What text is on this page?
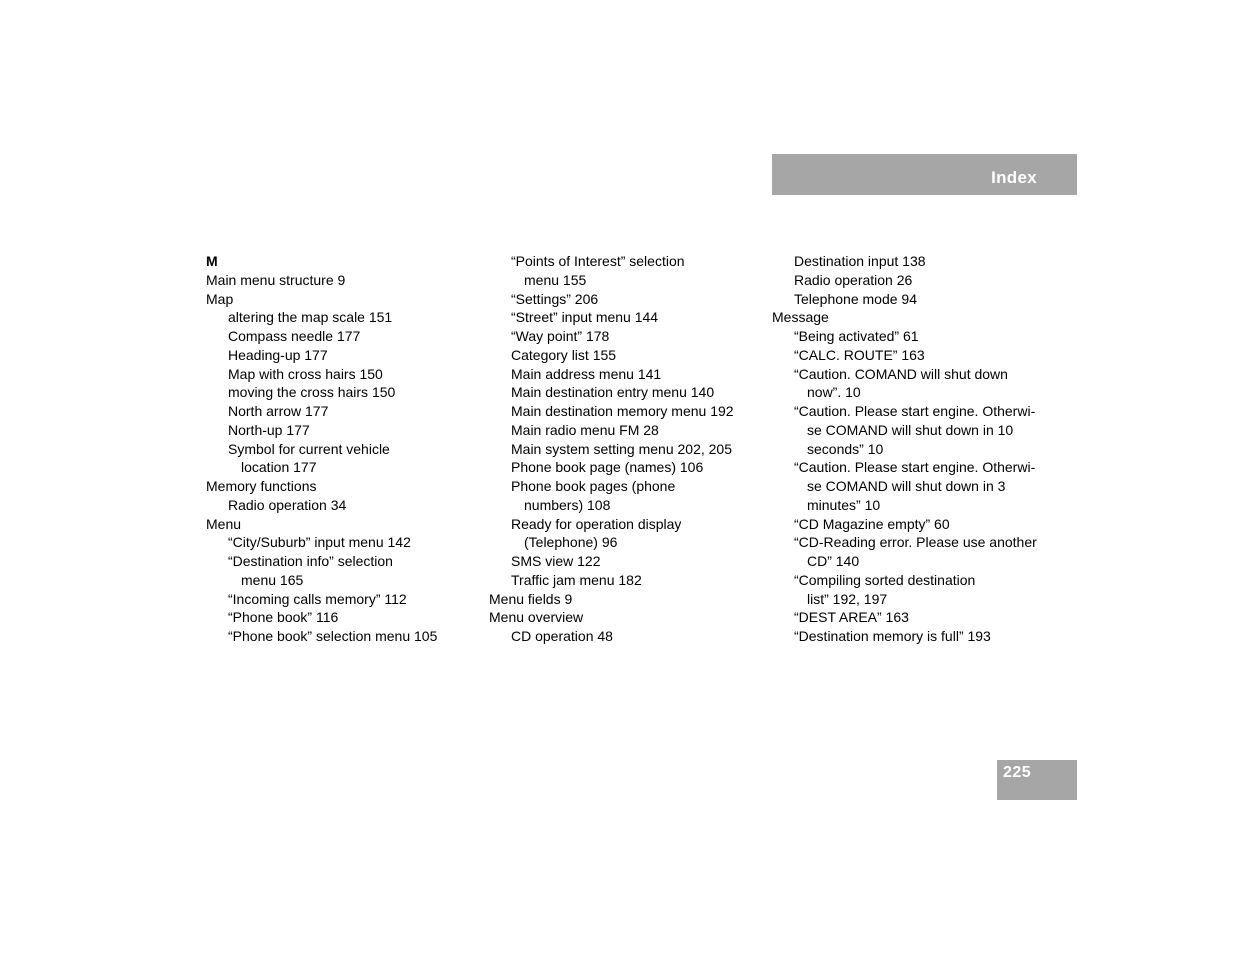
Index
M
Main menu structure 9
Map
altering the map scale 151
Compass needle 177
Heading-up 177
Map with cross hairs 150
moving the cross hairs 150
North arrow 177
North-up 177
Symbol for current vehicle
location 177
Memory functions
Radio operation 34
Menu
“City/Suburb” input menu 142
“Destination info” selection
menu 165
“Incoming calls memory” 112
“Phone book” 116
“Phone book” selection menu 105
“Points of Interest” selection
menu 155
“Settings” 206
“Street” input menu 144
“Way point” 178
Category list 155
Main address menu 141
Main destination entry menu 140
Main destination memory menu 192
Main radio menu FM 28
Main system setting menu 202, 205
Phone book page (names) 106
Phone book pages (phone
numbers) 108
Ready for operation display
(Telephone) 96
SMS view 122
Traffic jam menu 182
Menu fields 9
Menu overview
CD operation 48
Destination input 138
Radio operation 26
Telephone mode 94
Message
“Being activated” 61
“CALC. ROUTE” 163
“Caution. COMAND will shut down
now”. 10
“Caution. Please start engine. Otherwi-
se COMAND will shut down in 10
seconds” 10
“Caution. Please start engine. Otherwi-
se COMAND will shut down in 3
minutes” 10
“CD Magazine empty” 60
“CD-Reading error. Please use another
CD” 140
“Compiling sorted destination
list” 192, 197
“DEST AREA” 163
“Destination memory is full” 193
225
